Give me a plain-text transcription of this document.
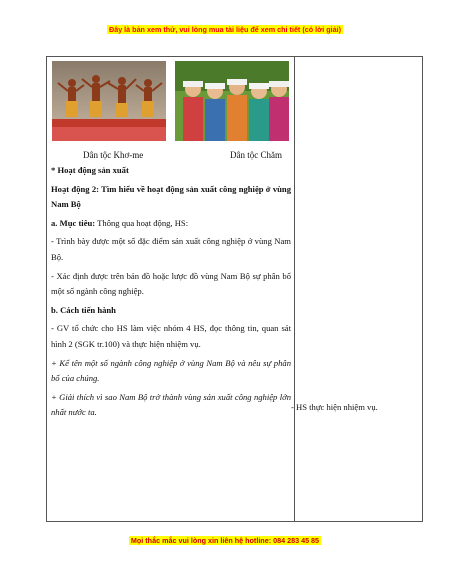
Đây là bản xem thử, vui lòng mua tài liệu để xem chi tiết (có lời giải)
Dân tộc Khơ-me	Dân tộc Chăm

* Hoạt động sản xuất

Hoạt động 2: Tìm hiểu về hoạt động sản xuất công nghiệp ở vùng Nam Bộ

a. Mục tiêu: Thông qua hoạt động, HS:

- Trình bày được một số đặc điểm sản xuất công nghiệp ở vùng Nam Bộ.

- Xác định được trên bản đồ hoặc lược đồ vùng Nam Bộ sự phân bố một số ngành công nghiệp.

b. Cách tiến hành

- GV tổ chức cho HS làm việc nhóm 4 HS, đọc thông tin, quan sát hình 2 (SGK tr.100) và thực hiện nhiệm vụ.

+ Kể tên một số ngành công nghiệp ở vùng Nam Bộ và nêu sự phân bố của chúng.

+ Giải thích vì sao Nam Bộ trở thành vùng sản xuất công nghiệp lớn nhất nước ta.

- HS thực hiện nhiệm vụ.
Mọi thắc mắc vui lòng xin liên hệ hotline: 084 283 45 85
